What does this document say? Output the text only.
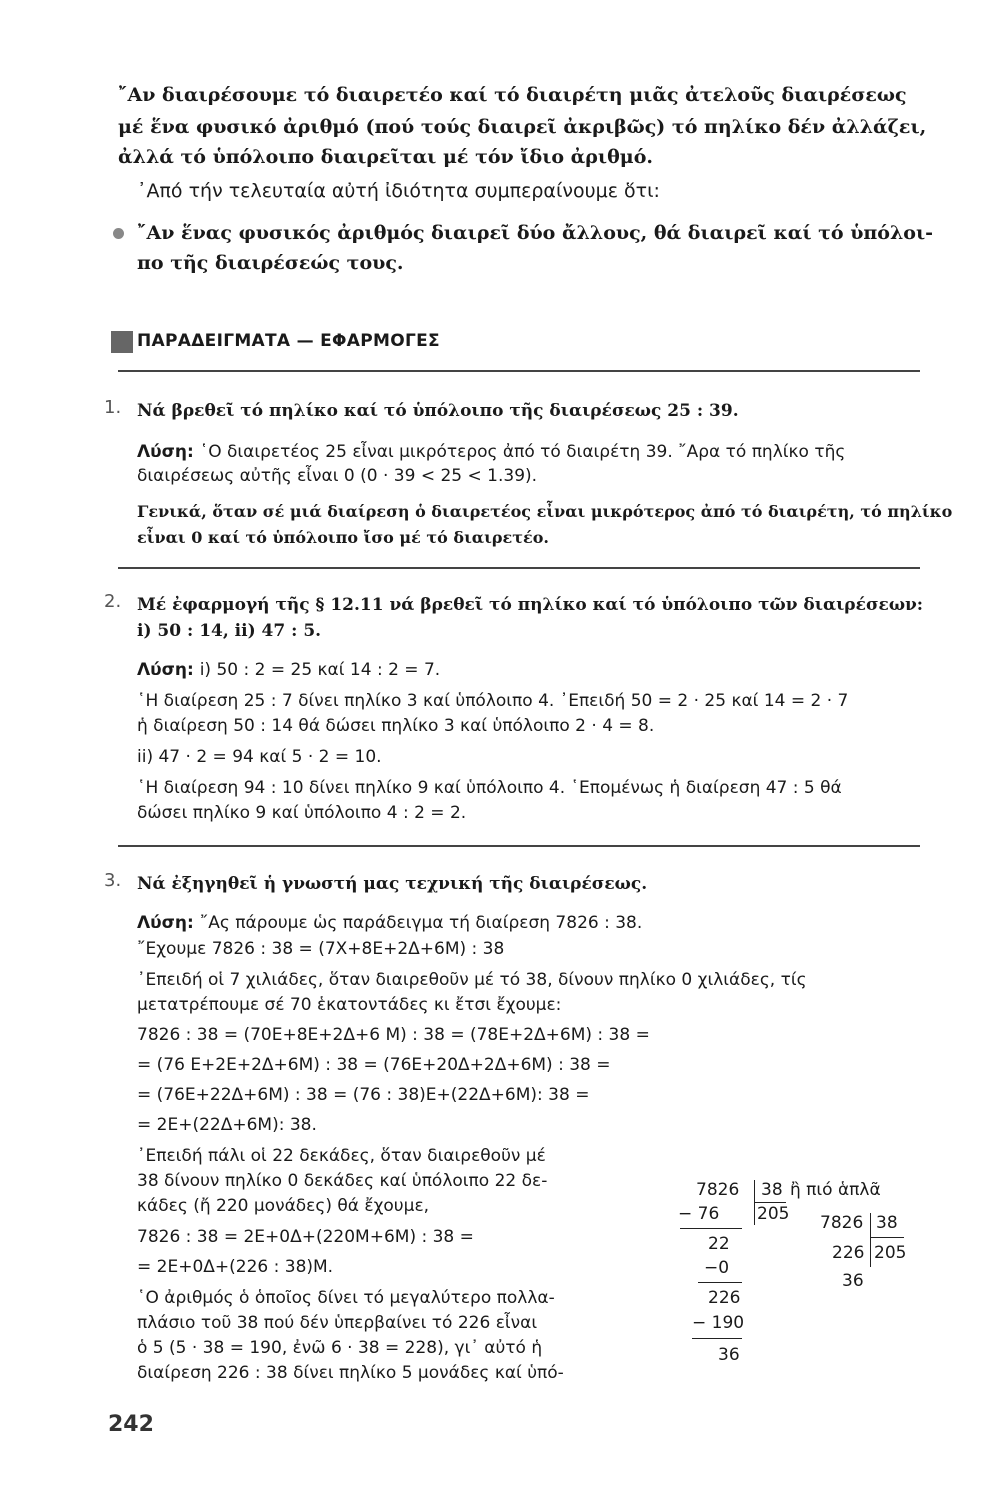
῎Αν διαιρέσουμε τό διαιρετέο καί τό διαιρέτη μιᾶς ἀτελοῦς διαιρέσεως
μέ ἕνα φυσικό ἀριθμό (πού τούς διαιρεῖ ἀκριβῶς) τό πηλίκο δέν ἀλλάζει,
ἀλλά τό ὑπόλοιπο διαιρεῖται μέ τόν ἴδιο ἀριθμό.
᾿Από τήν τελευταία αὐτή ἰδιότητα συμπεραίνουμε ὅτι:
῎Αν ἕνας φυσικός ἀριθμός διαιρεῖ δύο ἄλλους, θά διαιρεῖ καί τό ὑπόλοι-
πο τῆς διαιρέσεώς τους.
ΠΑΡΑΔΕΙΓΜΑΤΑ — ΕΦΑΡΜΟΓΕΣ
1. Νά βρεθεῖ τό πηλίκο καί τό ὑπόλοιπο τῆς διαιρέσεως 25 : 39.
Λύση: ῾Ο διαιρετέος 25 εἶναι μικρότερος ἀπό τό διαιρέτη 39. ῎Αρα τό πηλίκο τῆς
διαιρέσεως αὐτῆς εἶναι 0 (0 · 39 < 25 < 1.39).
Γενικά, ὅταν σέ μιά διαίρεση ὁ διαιρετέος εἶναι μικρότερος ἀπό τό διαιρέτη, τό πηλίκο
εἶναι 0 καί τό ὑπόλοιπο ἴσο μέ τό διαιρετέο.
2. Μέ ἐφαρμογή τῆς § 12.11 νά βρεθεῖ τό πηλίκο καί τό ὑπόλοιπο τῶν διαιρέσεων:
i) 50 : 14, ii) 47 : 5.
Λύση: i) 50 : 2 = 25 καί 14 : 2 = 7.
῾Η διαίρεση 25 : 7 δίνει πηλίκο 3 καί ὑπόλοιπο 4. ᾿Επειδή 50 = 2 · 25 καί 14 = 2 · 7
ἡ διαίρεση 50 : 14 θά δώσει πηλίκο 3 καί ὑπόλοιπο 2 · 4 = 8.
ii) 47 · 2 = 94 καί 5 · 2 = 10.
῾Η διαίρεση 94 : 10 δίνει πηλίκο 9 καί ὑπόλοιπο 4. ῾Επομένως ἡ διαίρεση 47 : 5 θά
δώσει πηλίκο 9 καί ὑπόλοιπο 4 : 2 = 2.
3. Νά ἐξηγηθεῖ ἡ γνωστή μας τεχνική τῆς διαιρέσεως.
Λύση: ῎Ας πάρουμε ὡς παράδειγμα τή διαίρεση 7826 : 38.
῎Εχουμε 7826 : 38 = (7X+8E+2Δ+6M) : 38
᾿Επειδή οἱ 7 χιλιάδες, ὅταν διαιρεθοῦν μέ τό 38, δίνουν πηλίκο 0 χιλιάδες, τίς
μετατρέπουμε σέ 70 ἑκατοντάδες κι ἔτσι ἔχουμε:
7826 : 38 = (70E+8E+2Δ+6 M) : 38 = (78E+2Δ+6M) : 38 =
= (76 E+2E+2Δ+6M) : 38 = (76E+20Δ+2Δ+6M) : 38 =
= (76E+22Δ+6M) : 38 = (76 : 38)E+(22Δ+6M): 38 =
= 2E+(22Δ+6M): 38.
᾿Επειδή πάλι οἱ 22 δεκάδες, ὅταν διαιρεθοῦν μέ
38 δίνουν πηλίκο 0 δεκάδες καί ὑπόλοιπο 22 δε-
κάδες (ἤ 220 μονάδες) θά ἔχουμε,
7826 : 38 = 2E+0Δ+(220M+6M) : 38 =
= 2E+0Δ+(226 : 38)M.
῾Ο ἀριθμός ὁ ὁποῖος δίνει τό μεγαλύτερο πολλα-
πλάσιο τοῦ 38 πού δέν ὑπερβαίνει τό 226 εἶναι
ὁ 5 (5 · 38 = 190, ἐνῶ 6 · 38 = 228), γι᾿ αὐτό ἡ
διαίρεση 226 : 38 δίνει πηλίκο 5 μονάδες καί ὑπό-
7826 38 ἢ πιό ἁπλᾶ
205
− 76
22
−0
226
− 190
36
7826 38
226 205
36
242
